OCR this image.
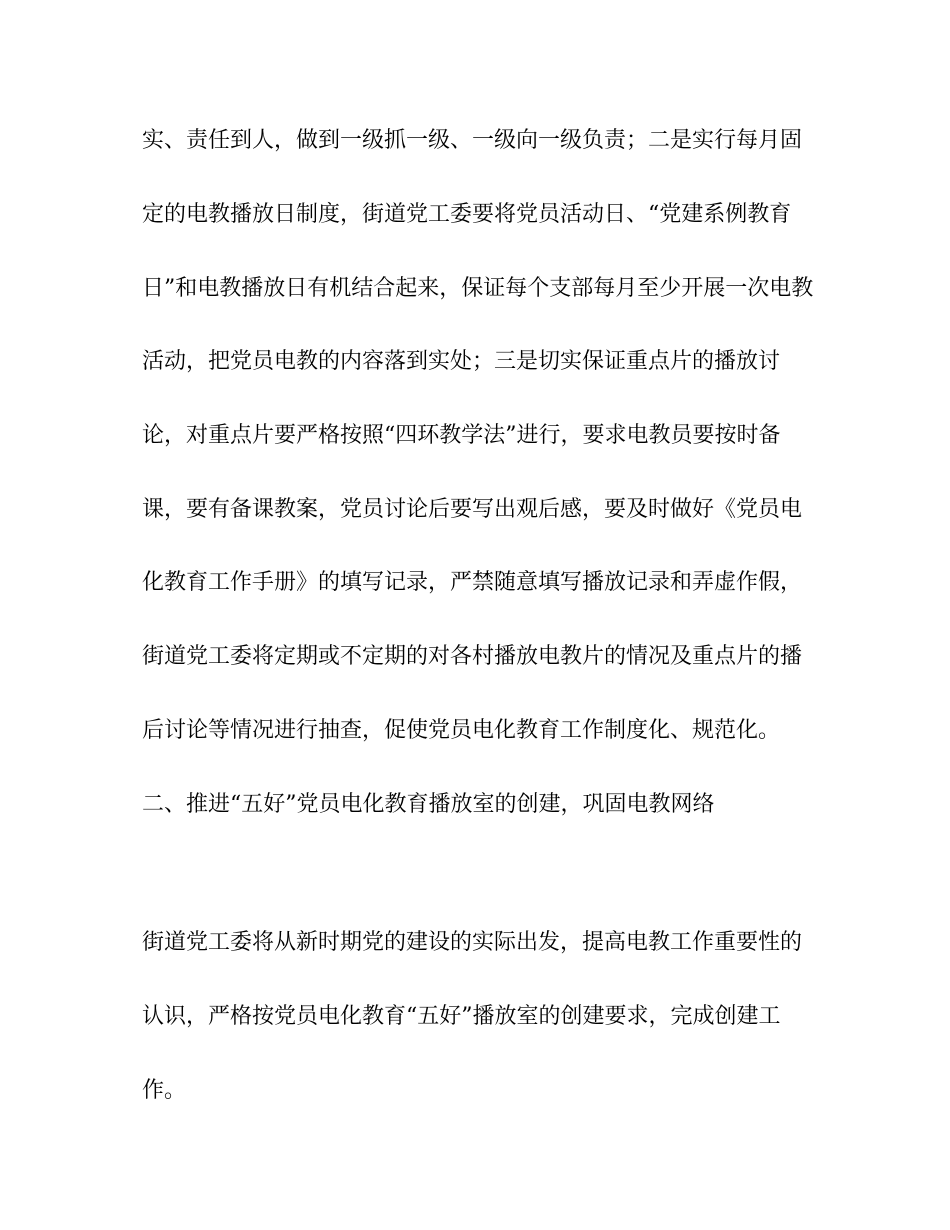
实、责任到人，做到一级抓一级、一级向一级负责；二是实行每月固
定的电教播放日制度，街道党工委要将党员活动日、“党建系例教育
日”和电教播放日有机结合起来，保证每个支部每月至少开展一次电教
活动，把党员电教的内容落到实处；三是切实保证重点片的播放讨
论，对重点片要严格按照“四环教学法”进行，要求电教员要按时备
课，要有备课教案，党员讨论后要写出观后感，要及时做好《党员电
化教育工作手册》的填写记录，严禁随意填写播放记录和弄虚作假，
街道党工委将定期或不定期的对各村播放电教片的情况及重点片的播
后讨论等情况进行抽查，促使党员电化教育工作制度化、规范化。
二、推进“五好”党员电化教育播放室的创建，巩固电教网络
街道党工委将从新时期党的建设的实际出发，提高电教工作重要性的
认识，严格按党员电化教育“五好”播放室的创建要求，完成创建工
作。
